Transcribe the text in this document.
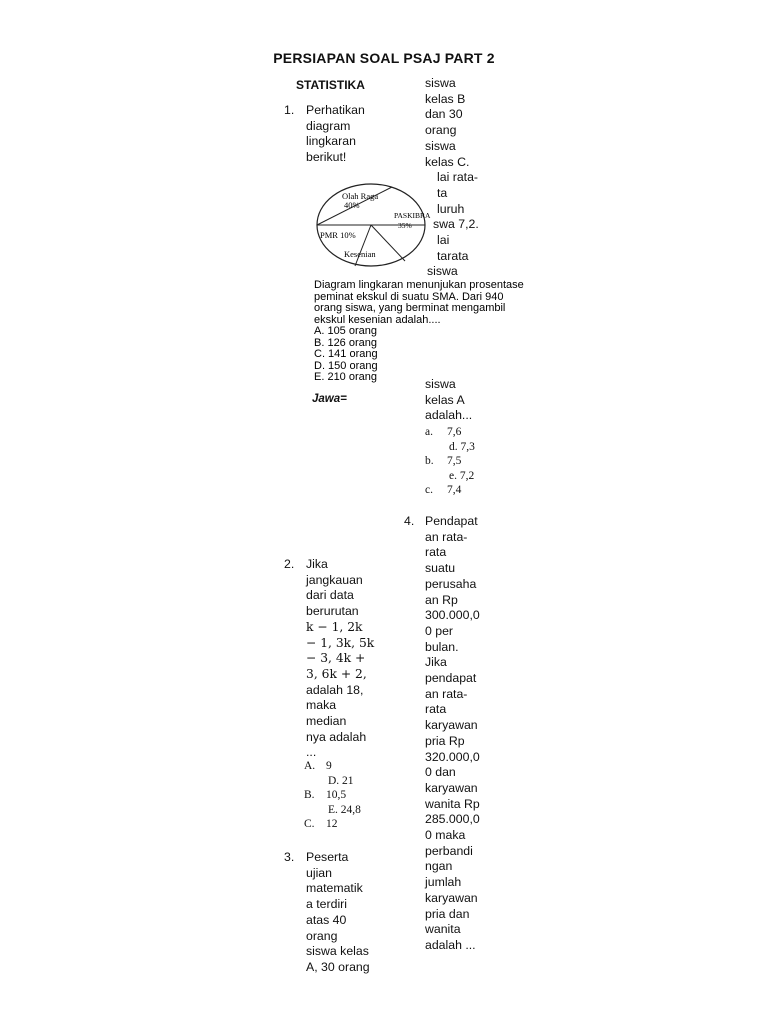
PERSIAPAN SOAL PSAJ PART 2
STATISTIKA
1. Perhatikan
diagram
lingkaran
berikut!
Olah Raga
40%
PASKIBRA
35%
PMR 10%
Kesenian
Diagram lingkaran menunjukan prosentase
peminat ekskul di suatu SMA. Dari 940
orang siswa, yang berminat mengambil
ekskul kesenian adalah....
A. 105 orang
B. 126 orang
C. 141 orang
D. 150 orang
E. 210 orang
Jawa=
siswa
kelas B
dan 30
orang
siswa
kelas C.
lai rata-
ta
luruh
swa 7,2.
lai
tarata
siswa
siswa
kelas A
adalah...
a. 7,6
d. 7,3
b. 7,5
e. 7,2
c. 7,4
2. Jika
jangkauan
dari data
berurutan
k − 1, 2k
− 1, 3k, 5k
− 3, 4k +
3, 6k + 2,
adalah 18,
maka
median
nya adalah
...
A. 9
D. 21
B. 10,5
E. 24,8
C. 12
3. Peserta
ujian
matematik
a terdiri
atas 40
orang
siswa kelas
A, 30 orang
4. Pendapat
an rata-
rata
suatu
perusaha
an Rp
300.000,0
0 per
bulan.
Jika
pendapat
an rata-
rata
karyawan
pria Rp
320.000,0
0 dan
karyawan
wanita Rp
285.000,0
0 maka
perbandi
ngan
jumlah
karyawan
pria dan
wanita
adalah ...
